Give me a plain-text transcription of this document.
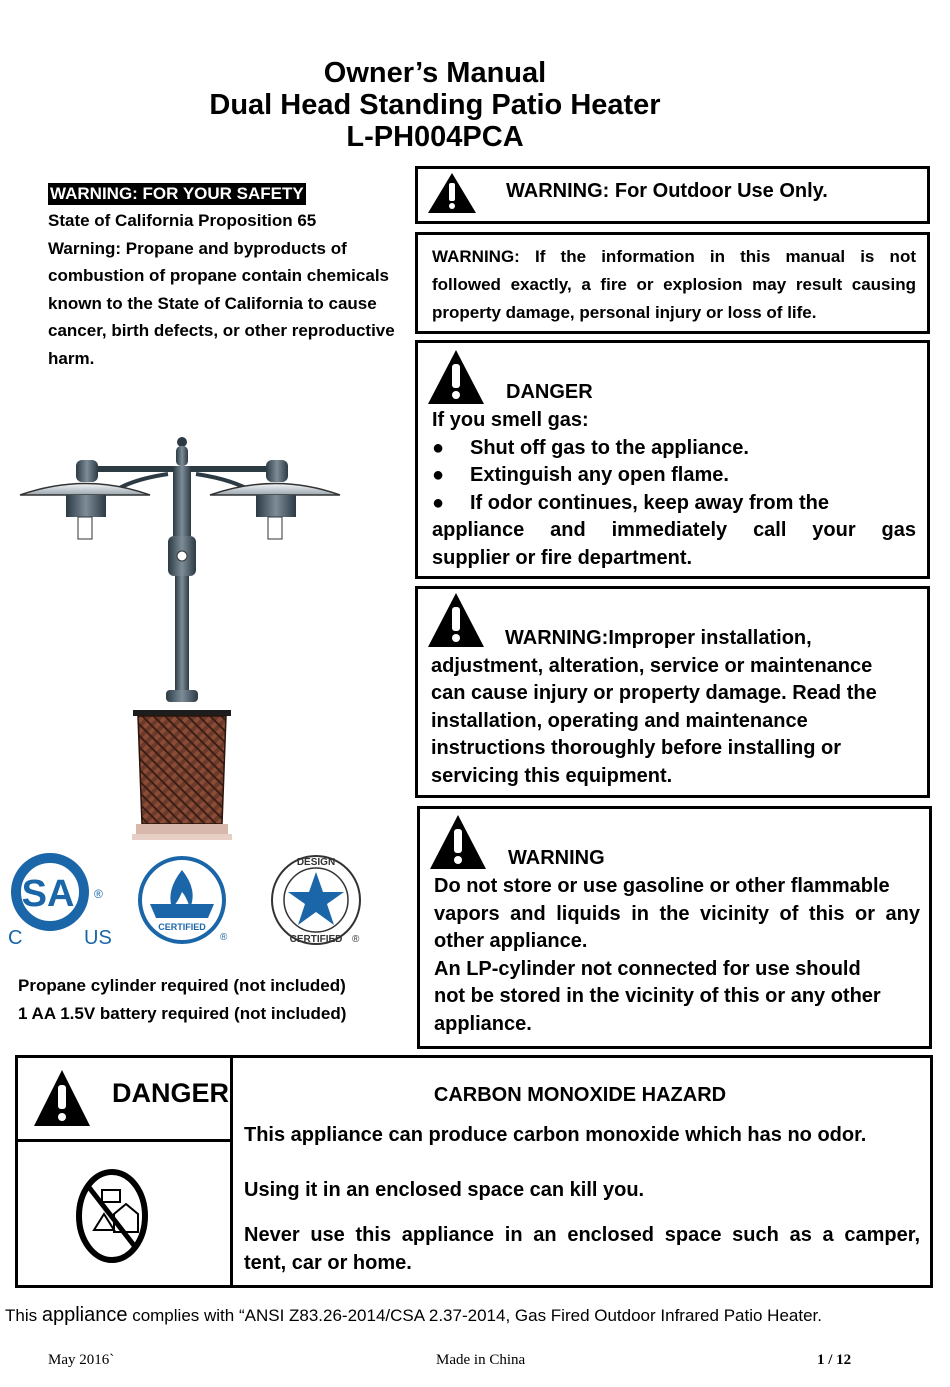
Owner’s Manual
Dual Head Standing Patio Heater
L-PH004PCA
WARNING: FOR YOUR SAFETY
State of California Proposition 65
Warning: Propane and byproducts of
combustion of propane contain chemicals
known to the State of California to cause
cancer, birth defects, or other reproductive
harm.
SA ®
C	US	CERTIFIED
®
DESIGN
CERTIFIED ®
Propane cylinder required (not included)
1 AA 1.5V battery required (not included)
WARNING: For Outdoor Use Only.
WARNING: If the information in this manual is not
followed exactly, a fire or explosion may result causing
property damage, personal injury or loss of life.
DANGER
If you smell gas:
●	Shut off gas to the appliance.
●	Extinguish any open flame.
●	If odor continues, keep away from the
appliance and immediately call your gas
supplier or fire department.
WARNING:Improper installation,
adjustment, alteration, service or maintenance
can cause injury or property damage. Read the
installation, operating and maintenance
instructions thoroughly before installing or
servicing this equipment.
WARNING
Do not store or use gasoline or other flammable
vapors and liquids in the vicinity of this or any
other appliance.
An LP-cylinder not connected for use should
not be stored in the vicinity of this or any other
appliance.
DANGER	CARBON MONOXIDE HAZARD
This appliance can produce carbon monoxide which has no odor.
Using it in an enclosed space can kill you.
Never use this appliance in an enclosed space such as a camper,
tent, car or home.
This appliance complies with “ANSI Z83.26-2014/CSA 2.37-2014, Gas Fired Outdoor Infrared Patio Heater.
May 2016`	Made in China	1 / 12
